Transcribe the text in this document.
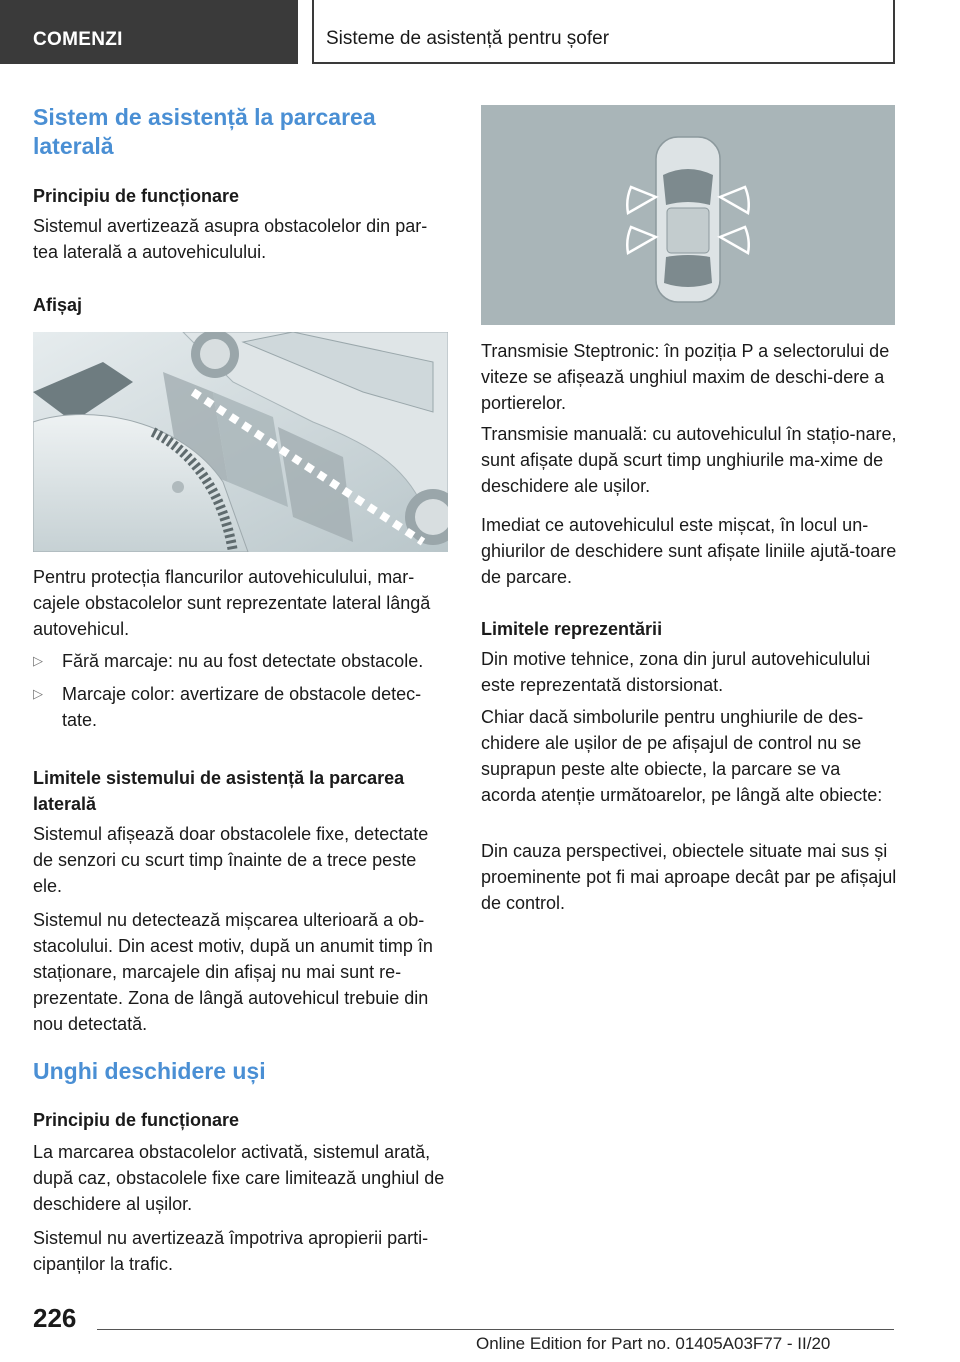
COMENZI	Sisteme de asistență pentru șofer
Sistem de asistență la parcarea laterală
Principiu de funcționare
Sistemul avertizează asupra obstacolelor din par-tea laterală a autovehiculului.
Afișaj
Pentru protecția flancurilor autovehiculului, mar-cajele obstacolelor sunt reprezentate lateral lângă autovehicul.
▷ Fără marcaje: nu au fost detectate obstacole.
▷ Marcaje color: avertizare de obstacole detec-tate.
Limitele sistemului de asistență la parcarea laterală
Sistemul afișează doar obstacolele fixe, detectate de senzori cu scurt timp înainte de a trece peste ele.
Sistemul nu detectează mișcarea ulterioară a ob-stacolului. Din acest motiv, după un anumit timp în staționare, marcajele din afișaj nu mai sunt re-prezentate. Zona de lângă autovehicul trebuie din nou detectată.
Unghi deschidere uși
Principiu de funcționare
La marcarea obstacolelor activată, sistemul arată, după caz, obstacolele fixe care limitează unghiul de deschidere al ușilor.
Sistemul nu avertizează împotriva apropierii parti-cipanților la trafic.
Transmisie Steptronic: în poziția P a selectorului de viteze se afișează unghiul maxim de deschi-dere a portierelor.
Transmisie manuală: cu autovehiculul în stațio-nare, sunt afișate după scurt timp unghiurile ma-xime de deschidere ale ușilor.
Imediat ce autovehiculul este mișcat, în locul un-ghiurilor de deschidere sunt afișate liniile ajută-toare de parcare.
Limitele reprezentării
Din motive tehnice, zona din jurul autovehiculului este reprezentată distorsionat.
Chiar dacă simbolurile pentru unghiurile de des-chidere ale ușilor de pe afișajul de control nu se suprapun peste alte obiecte, la parcare se va acorda atenție următoarelor, pe lângă alte obiecte:
Din cauza perspectivei, obiectele situate mai sus și proeminente pot fi mai aproape decât par pe afișajul de control.
226
Online Edition for Part no. 01405A03F77 - II/20
